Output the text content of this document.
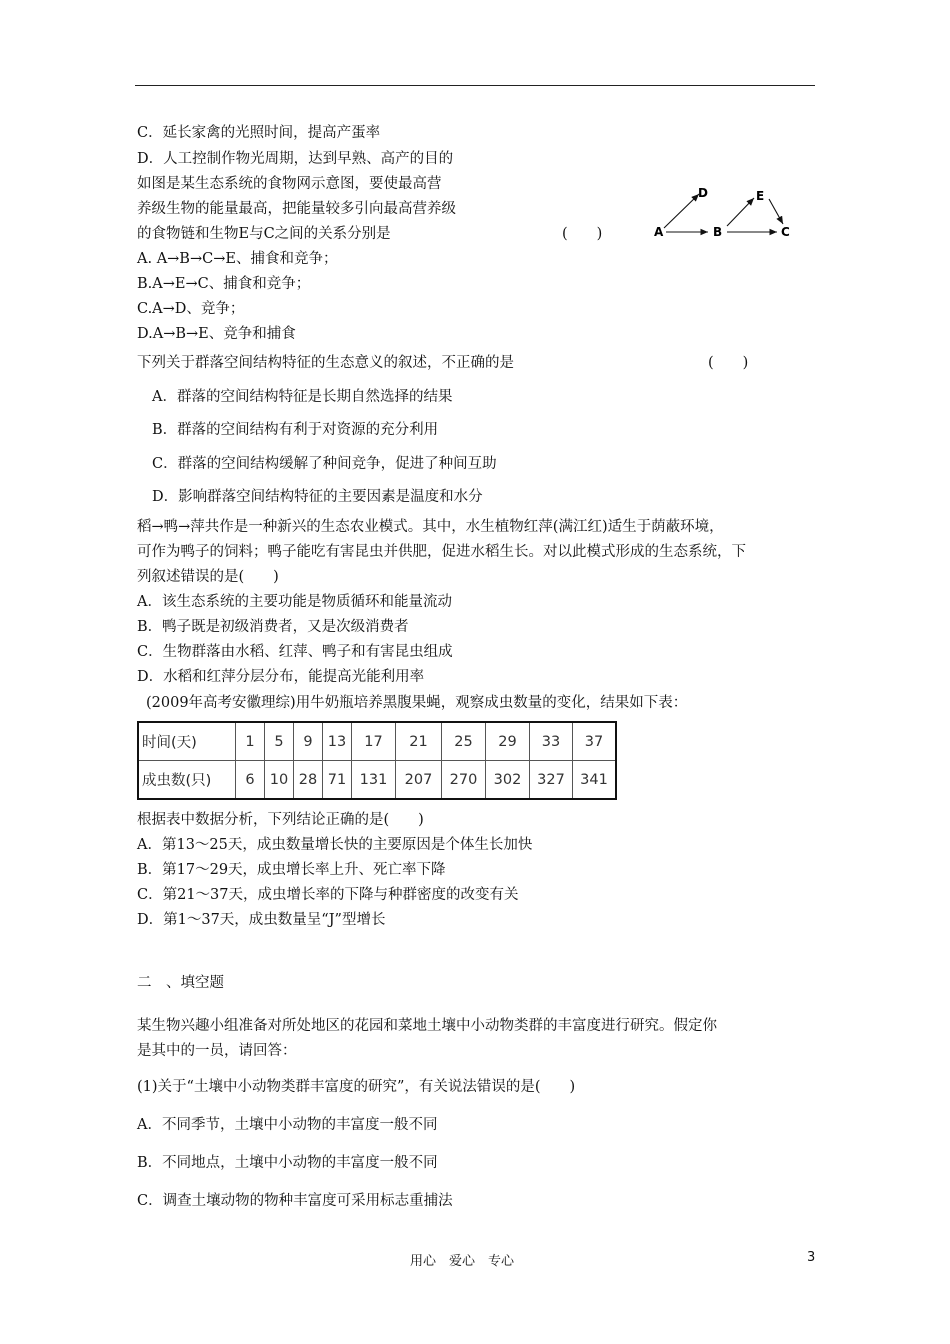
C．延长家禽的光照时间，提高产蛋率
D．人工控制作物光周期，达到早熟、高产的目的
如图是某生态系统的食物网示意图，要使最高营
养级生物的能量最高，把能量较多引向最高营养级
的食物链和生物E与C之间的关系分别是	(　　)	A
D
B
E
C
A. A→B→C→E、捕食和竞争；
B.A→E→C、捕食和竞争；
C.A→D、竞争；
D.A→B→E、竞争和捕食
下列关于群落空间结构特征的生态意义的叙述，不正确的是	(　　)
A．群落的空间结构特征是长期自然选择的结果
B．群落的空间结构有利于对资源的充分利用
C．群落的空间结构缓解了种间竞争，促进了种间互助
D．影响群落空间结构特征的主要因素是温度和水分
稻→鸭→萍共作是一种新兴的生态农业模式。其中，水生植物红萍(满江红)适生于荫蔽环境，
可作为鸭子的饲料；鸭子能吃有害昆虫并供肥，促进水稻生长。对以此模式形成的生态系统，下
列叙述错误的是(　　)
A．该生态系统的主要功能是物质循环和能量流动
B．鸭子既是初级消费者，又是次级消费者
C．生物群落由水稻、红萍、鸭子和有害昆虫组成
D．水稻和红萍分层分布，能提高光能利用率
(2009年高考安徽理综)用牛奶瓶培养黑腹果蝇，观察成虫数量的变化，结果如下表：
时间(天)	1	5	9	13	17	21	25	29	33	37
成虫数(只)	6	10	28	71	131	207	270	302	327	341
根据表中数据分析，下列结论正确的是(　　)
A．第13～25天，成虫数量增长快的主要原因是个体生长加快
B．第17～29天，成虫增长率上升、死亡率下降
C．第21～37天，成虫增长率的下降与种群密度的改变有关
D．第1～37天，成虫数量呈“J”型增长
二　、填空题
某生物兴趣小组准备对所处地区的花园和菜地土壤中小动物类群的丰富度进行研究。假定你
是其中的一员，请回答：
(1)关于“土壤中小动物类群丰富度的研究”，有关说法错误的是(　　)
A．不同季节，土壤中小动物的丰富度一般不同
B．不同地点，土壤中小动物的丰富度一般不同
C．调查土壤动物的物种丰富度可采用标志重捕法
用心　爱心　专心	3
